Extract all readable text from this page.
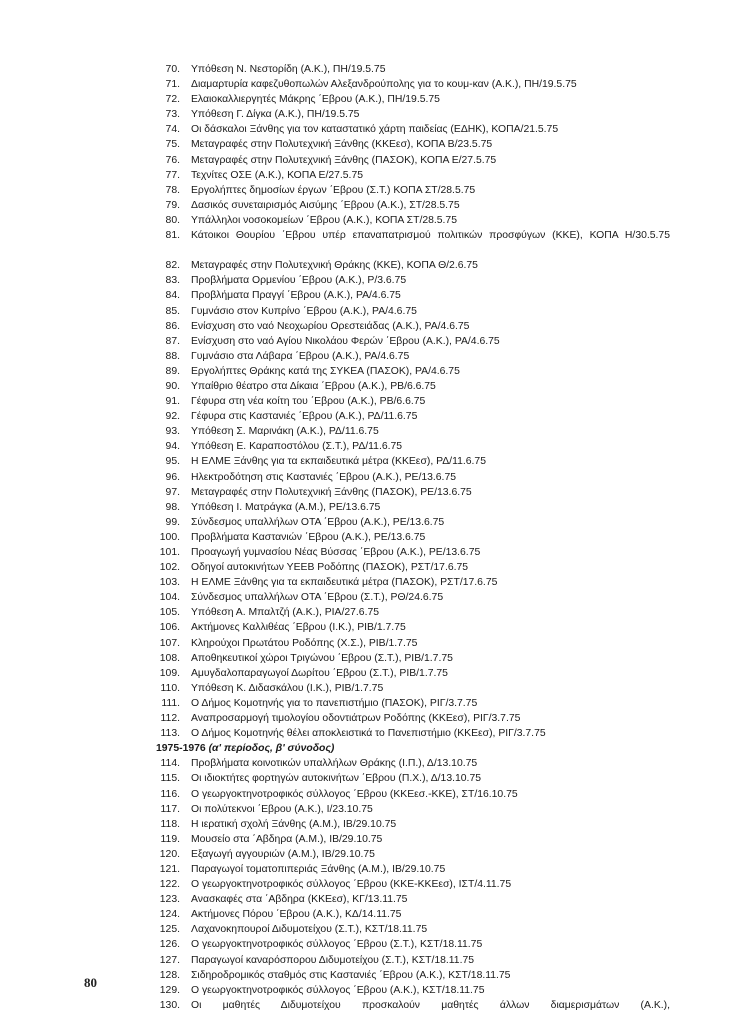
70. Υπόθεση Ν. Νεστορίδη (Α.Κ.), ΠΗ/19.5.75
71. Διαμαρτυρία καφεζυθοπωλών Αλεξανδρούπολης για το κουμ-καν (Α.Κ.), ΠΗ/19.5.75
72. Ελαιοκαλλιεργητές Μάκρης ΄Εβρου (Α.Κ.), ΠΗ/19.5.75
73. Υπόθεση Γ. Δίγκα (Α.Κ.), ΠΗ/19.5.75
74. Οι δάσκαλοι Ξάνθης για τον καταστατικό χάρτη παιδείας (ΕΔΗΚ), ΚΟΠΑ/21.5.75
75. Μεταγραφές στην Πολυτεχνική Ξάνθης (ΚΚΕεσ), ΚΟΠΑ Β/23.5.75
76. Μεταγραφές στην Πολυτεχνική Ξάνθης (ΠΑΣΟΚ), ΚΟΠΑ Ε/27.5.75
77. Τεχνίτες ΟΣΕ (Α.Κ.), ΚΟΠΑ Ε/27.5.75
78. Εργολήπτες δημοσίων έργων ΄Εβρου (Σ.Τ.) ΚΟΠΑ ΣΤ/28.5.75
79. Δασικός συνεταιρισμός Αισύμης ΄Εβρου (Α.Κ.), ΣΤ/28.5.75
80. Υπάλληλοι νοσοκομείων ΄Εβρου (Α.Κ.), ΚΟΠΑ ΣΤ/28.5.75
81. Κάτοικοι Θουρίου ΄Εβρου υπέρ επαναπατρισμού πολιτικών προσφύγων (ΚΚΕ), ΚΟΠΑ Η/30.5.75
82. Μεταγραφές στην Πολυτεχνική Θράκης (ΚΚΕ), ΚΟΠΑ Θ/2.6.75
83. Προβλήματα Ορμενίου ΄Εβρου (Α.Κ.), Ρ/3.6.75
84. Προβλήματα Πραγγί ΄Εβρου (Α.Κ.), ΡΑ/4.6.75
85. Γυμνάσιο στον Κυπρίνο ΄Εβρου (Α.Κ.), ΡΑ/4.6.75
86. Ενίσχυση στο ναό Νεοχωρίου Ορεστειάδας (Α.Κ.), ΡΑ/4.6.75
87. Ενίσχυση στο ναό Αγίου Νικολάου Φερών ΄Εβρου (Α.Κ.), ΡΑ/4.6.75
88. Γυμνάσιο στα Λάβαρα ΄Εβρου (Α.Κ.), ΡΑ/4.6.75
89. Εργολήπτες Θράκης κατά της ΣΥΚΕΑ (ΠΑΣΟΚ), ΡΑ/4.6.75
90. Υπαίθριο θέατρο στα Δίκαια ΄Εβρου (Α.Κ.), ΡΒ/6.6.75
91. Γέφυρα στη νέα κοίτη του ΄Εβρου (Α.Κ.), ΡΒ/6.6.75
92. Γέφυρα στις Καστανιές ΄Εβρου (Α.Κ.), ΡΔ/11.6.75
93. Υπόθεση Σ. Μαρινάκη (Α.Κ.), ΡΔ/11.6.75
94. Υπόθεση Ε. Καραποστόλου (Σ.Τ.), ΡΔ/11.6.75
95. Η ΕΛΜΕ Ξάνθης για τα εκπαιδευτικά μέτρα (ΚΚΕεσ), ΡΔ/11.6.75
96. Ηλεκτροδότηση στις Καστανιές ΄Εβρου (Α.Κ.), ΡΕ/13.6.75
97. Μεταγραφές στην Πολυτεχνική Ξάνθης (ΠΑΣΟΚ), ΡΕ/13.6.75
98. Υπόθεση Ι. Ματράγκα (Α.Μ.), ΡΕ/13.6.75
99. Σύνδεσμος υπαλλήλων ΟΤΑ ΄Εβρου (Α.Κ.), ΡΕ/13.6.75
100. Προβλήματα Καστανιών ΄Εβρου (Α.Κ.), ΡΕ/13.6.75
101. Προαγωγή γυμνασίου Νέας Βύσσας ΄Εβρου (Α.Κ.), ΡΕ/13.6.75
102. Οδηγοί αυτοκινήτων ΥΕΕΒ Ροδόπης (ΠΑΣΟΚ), ΡΣΤ/17.6.75
103. Η ΕΛΜΕ Ξάνθης για τα εκπαιδευτικά μέτρα (ΠΑΣΟΚ), ΡΣΤ/17.6.75
104. Σύνδεσμος υπαλλήλων ΟΤΑ ΄Εβρου (Σ.Τ.), ΡΘ/24.6.75
105. Υπόθεση Α. Μπαλτζή (Α.Κ.), ΡΙΑ/27.6.75
106. Ακτήμονες Καλλιθέας ΄Εβρου (Ι.Κ.), ΡΙΒ/1.7.75
107. Κληρούχοι Πρωτάτου Ροδόπης (Χ.Σ.), ΡΙΒ/1.7.75
108. Αποθηκευτικοί χώροι Τριγώνου ΄Εβρου (Σ.Τ.), ΡΙΒ/1.7.75
109. Αμυγδαλοπαραγωγοί Δωρίτου ΄Εβρου (Σ.Τ.), ΡΙΒ/1.7.75
110. Υπόθεση Κ. Διδασκάλου (Ι.Κ.), ΡΙΒ/1.7.75
111. Ο Δήμος Κομοτηνής για το πανεπιστήμιο (ΠΑΣΟΚ), ΡΙΓ/3.7.75
112. Αναπροσαρμογή τιμολογίου οδοντιάτρων Ροδόπης (ΚΚΕεσ), ΡΙΓ/3.7.75
113. Ο Δήμος Κομοτηνής θέλει αποκλειστικά το Πανεπιστήμιο (ΚΚΕεσ), ΡΙΓ/3.7.75
1975-1976 (α' περίοδος, β' σύνοδος)
114. Προβλήματα κοινοτικών υπαλλήλων Θράκης (Ι.Π.), Δ/13.10.75
115. Οι ιδιοκτήτες φορτηγών αυτοκινήτων ΄Εβρου (Π.Χ.), Δ/13.10.75
116. Ο γεωργοκτηνοτροφικός σύλλογος ΄Εβρου (ΚΚΕεσ.-ΚΚΕ), ΣΤ/16.10.75
117. Οι πολύτεκνοι ΄Εβρου (Α.Κ.), Ι/23.10.75
118. Η ιερατική σχολή Ξάνθης (Α.Μ.), ΙΒ/29.10.75
119. Μουσείο στα ΄Αβδηρα (Α.Μ.), ΙΒ/29.10.75
120. Εξαγωγή αγγουριών (Α.Μ.), ΙΒ/29.10.75
121. Παραγωγοί τοματοπιπεριάς Ξάνθης (Α.Μ.), ΙΒ/29.10.75
122. Ο γεωργοκτηνοτροφικός σύλλογος ΄Εβρου (ΚΚΕ-ΚΚΕεσ), ΙΣΤ/4.11.75
123. Ανασκαφές στα ΄Αβδηρα (ΚΚΕεσ), ΚΓ/13.11.75
124. Ακτήμονες Πόρου ΄Εβρου (Α.Κ.), ΚΔ/14.11.75
125. Λαχανοκηπουροί Διδυμοτείχου (Σ.Τ.), ΚΣΤ/18.11.75
126. Ο γεωργοκτηνοτροφικός σύλλογος ΄Εβρου (Σ.Τ.), ΚΣΤ/18.11.75
127. Παραγωγοί καναρόσπορου Διδυμοτείχου (Σ.Τ.), ΚΣΤ/18.11.75
128. Σιδηροδρομικός σταθμός στις Καστανιές ΄Εβρου (Α.Κ.), ΚΣΤ/18.11.75
129. Ο γεωργοκτηνοτροφικός σύλλογος ΄Εβρου (Α.Κ.), ΚΣΤ/18.11.75
130. Οι μαθητές Διδυμοτείχου προσκαλούν μαθητές άλλων διαμερισμάτων (Α.Κ.),
80
